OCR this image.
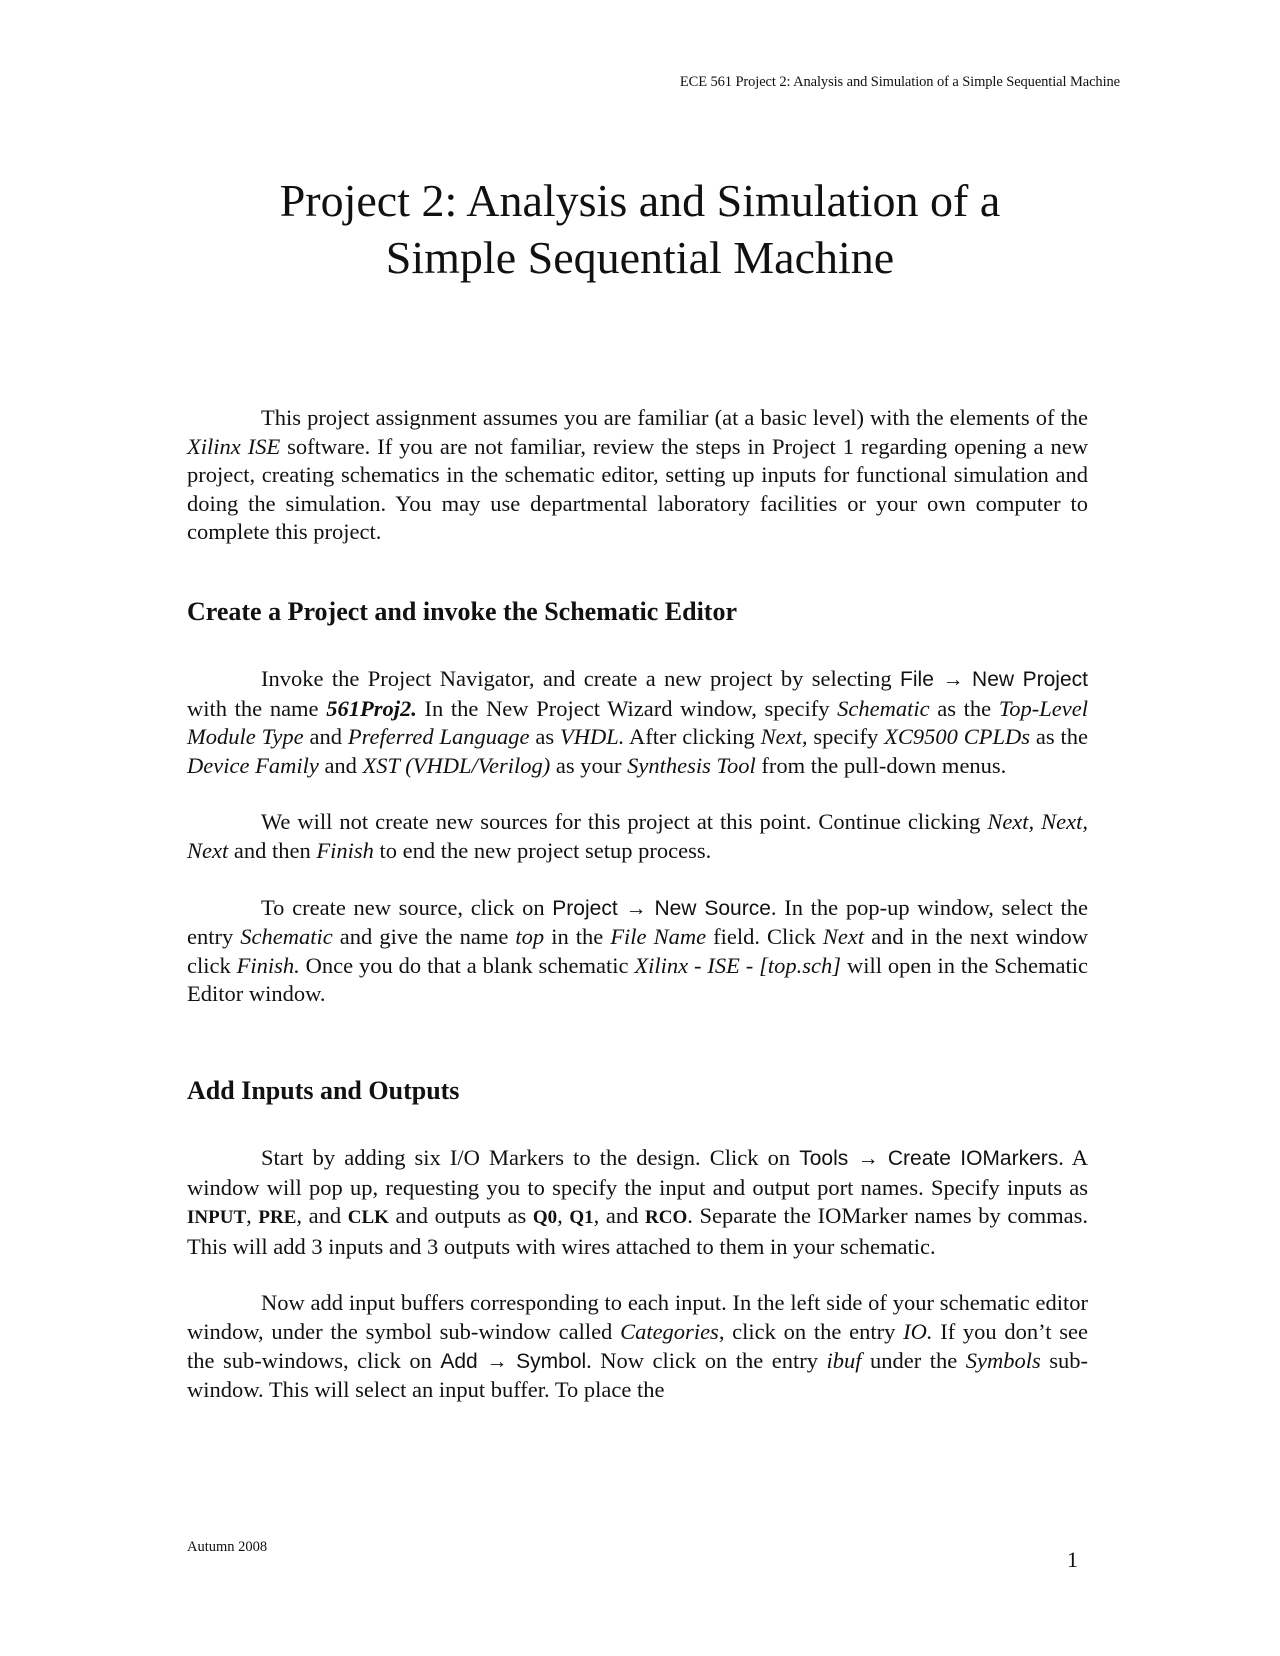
ECE 561 Project 2: Analysis and Simulation of a Simple Sequential Machine
Project 2: Analysis and Simulation of a
Simple Sequential Machine

This project assignment assumes you are familiar (at a basic level) with the elements of the Xilinx ISE software. If you are not familiar, review the steps in Project 1 regarding opening a new project, creating schematics in the schematic editor, setting up inputs for functional simulation and doing the simulation. You may use departmental laboratory facilities or your own computer to complete this project.

Create a Project and invoke the Schematic Editor

Invoke the Project Navigator, and create a new project by selecting File → New Project with the name 561Proj2. In the New Project Wizard window, specify Schematic as the Top-Level Module Type and Preferred Language as VHDL. After clicking Next, specify XC9500 CPLDs as the Device Family and XST (VHDL/Verilog) as your Synthesis Tool from the pull-down menus.

We will not create new sources for this project at this point. Continue clicking Next, Next, Next and then Finish to end the new project setup process.

To create new source, click on Project → New Source. In the pop-up window, select the entry Schematic and give the name top in the File Name field. Click Next and in the next window click Finish. Once you do that a blank schematic Xilinx - ISE - [top.sch] will open in the Schematic Editor window.

Add Inputs and Outputs

Start by adding six I/O Markers to the design. Click on Tools → Create IOMarkers. A window will pop up, requesting you to specify the input and output port names. Specify inputs as INPUT, PRE, and CLK and outputs as Q0, Q1, and RCO. Separate the IOMarker names by commas. This will add 3 inputs and 3 outputs with wires attached to them in your schematic.

Now add input buffers corresponding to each input. In the left side of your schematic editor window, under the symbol sub-window called Categories, click on the entry IO. If you don’t see the sub-windows, click on Add → Symbol. Now click on the entry ibuf under the Symbols sub-window. This will select an input buffer. To place the

Autumn 2008	1
